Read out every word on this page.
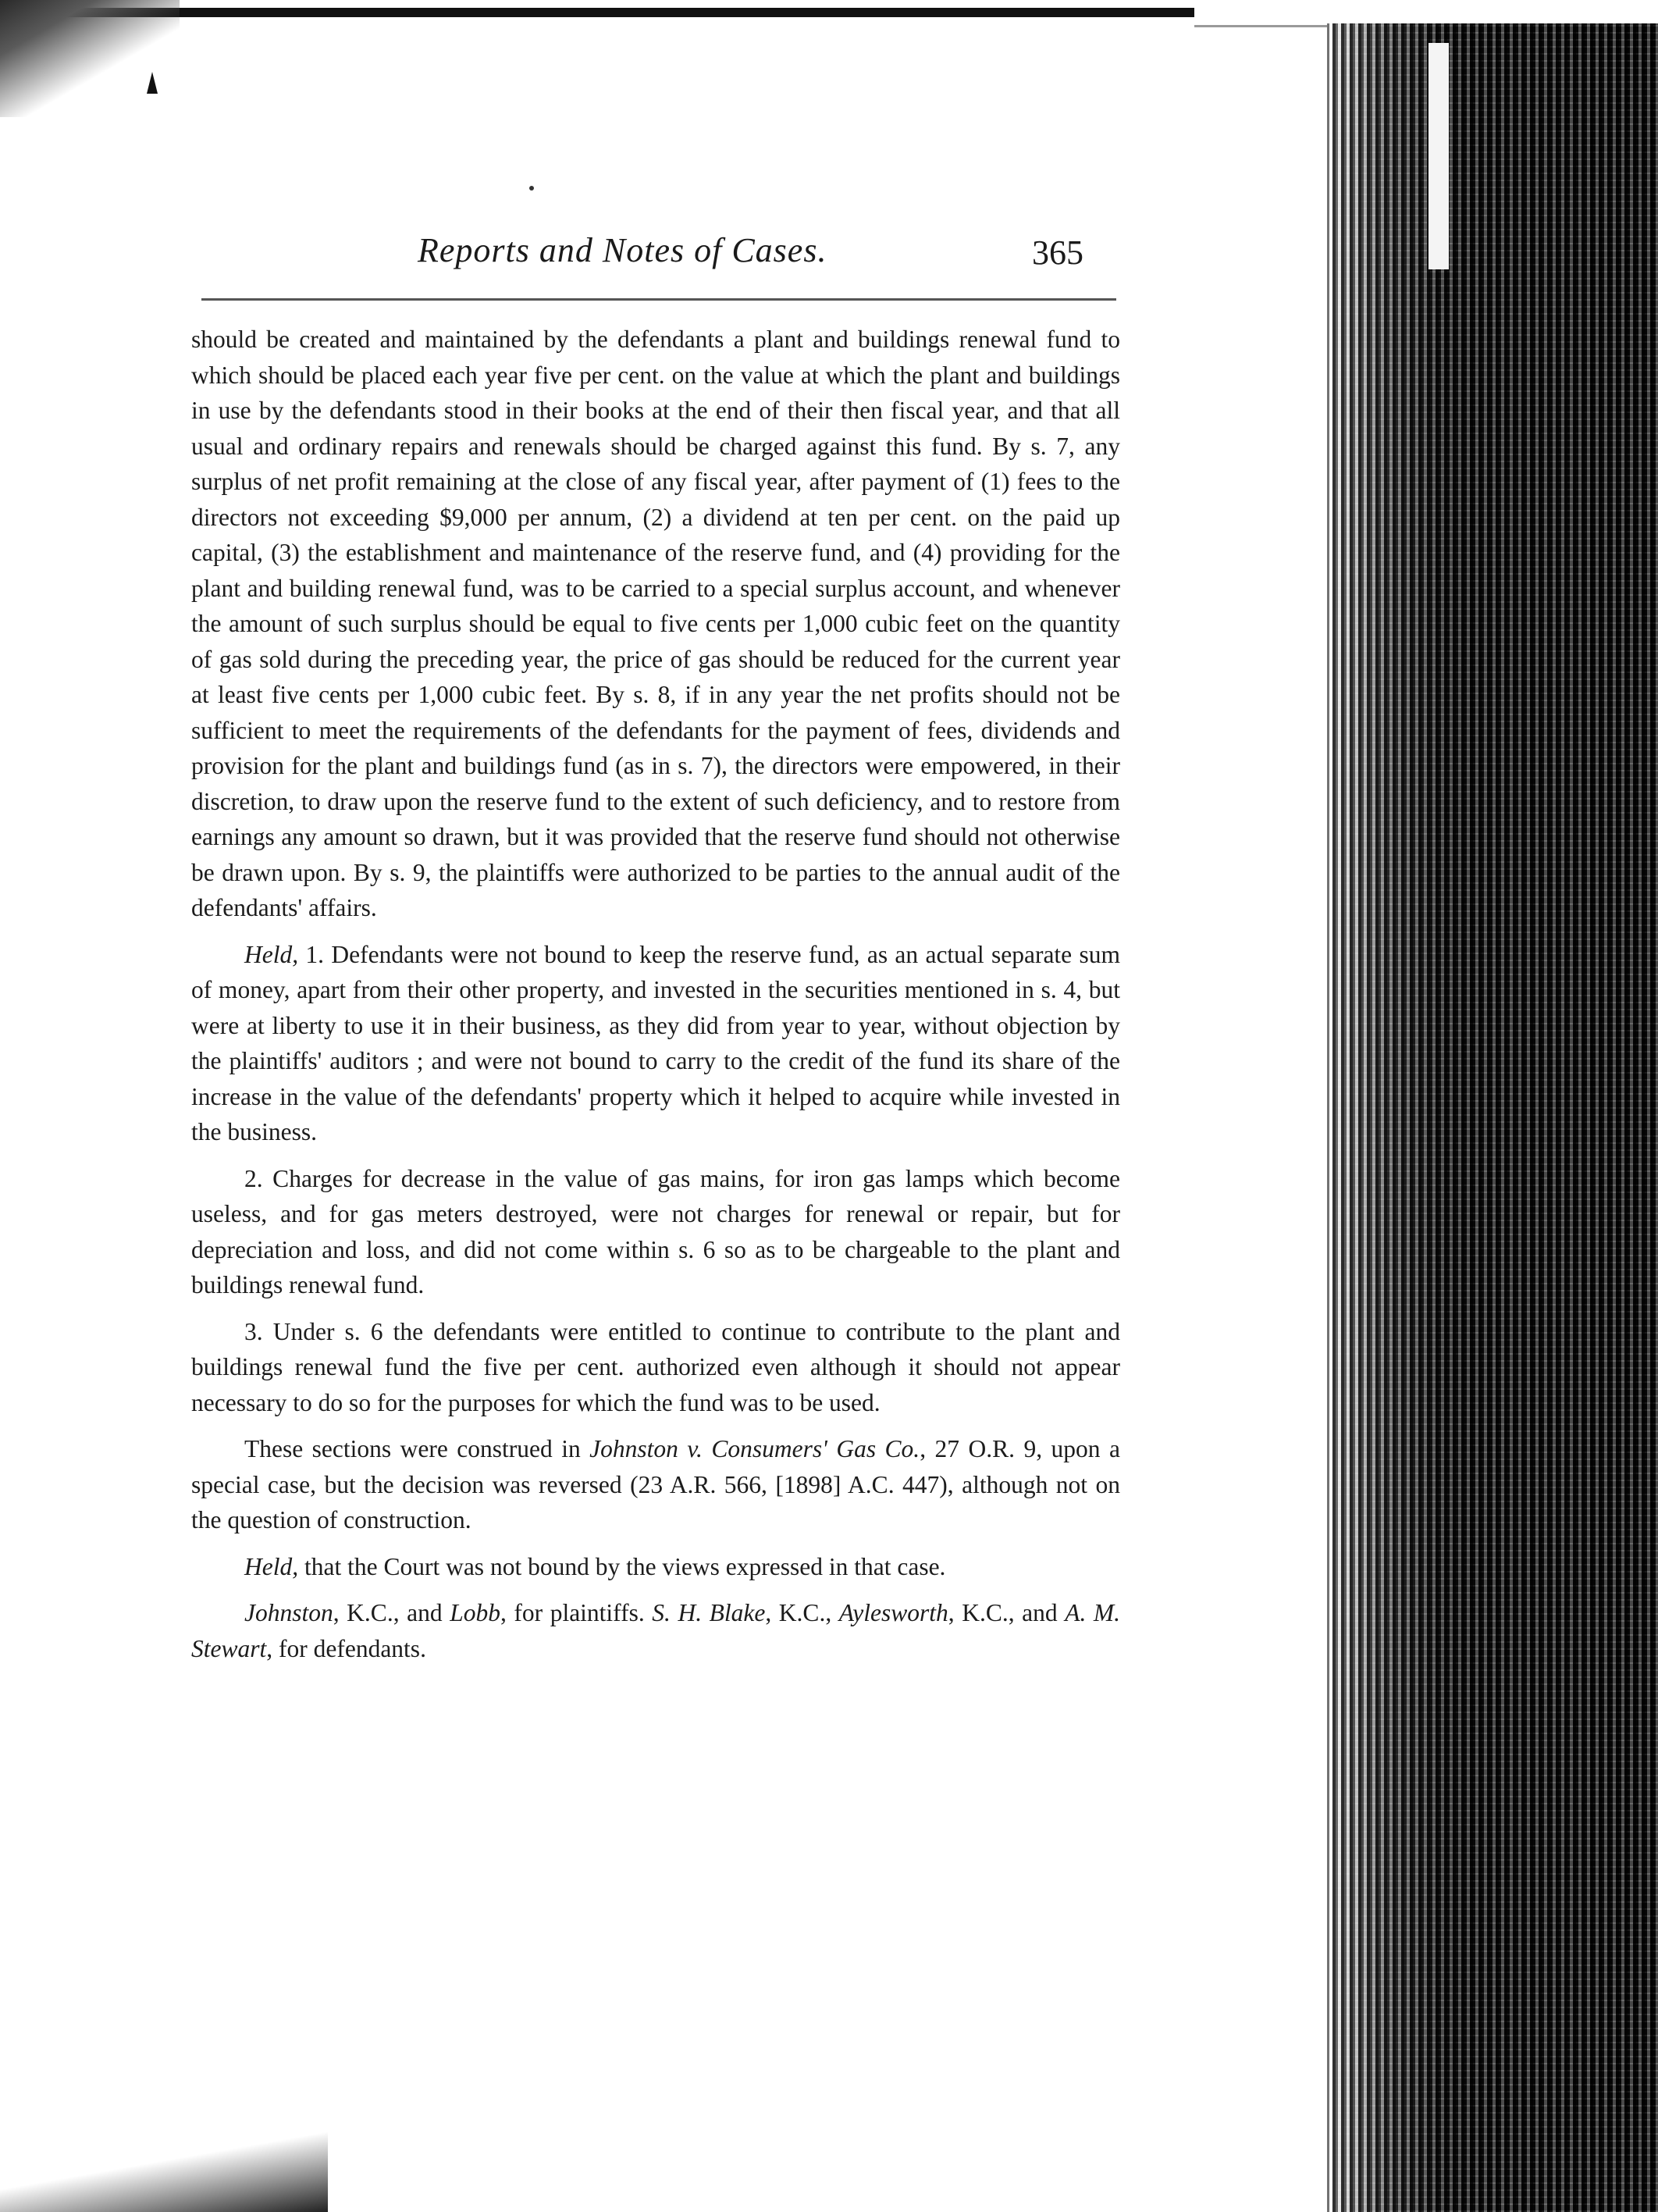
Reports and Notes of Cases.	365

should be created and maintained by the defendants a plant and buildings renewal fund to which should be placed each year five per cent. on the value at which the plant and buildings in use by the defendants stood in their books at the end of their then fiscal year, and that all usual and ordinary repairs and renewals should be charged against this fund. By s. 7, any surplus of net profit remaining at the close of any fiscal year, after payment of (1) fees to the directors not exceeding $9,000 per annum, (2) a dividend at ten per cent. on the paid up capital, (3) the establishment and maintenance of the reserve fund, and (4) providing for the plant and building renewal fund, was to be carried to a special surplus account, and whenever the amount of such surplus should be equal to five cents per 1,000 cubic feet on the quantity of gas sold during the preceding year, the price of gas should be reduced for the current year at least five cents per 1,000 cubic feet. By s. 8, if in any year the net profits should not be sufficient to meet the requirements of the defendants for the payment of fees, dividends and provision for the plant and buildings fund (as in s. 7), the directors were empowered, in their discretion, to draw upon the reserve fund to the extent of such deficiency, and to restore from earnings any amount so drawn, but it was provided that the reserve fund should not otherwise be drawn upon. By s. 9, the plaintiffs were authorized to be parties to the annual audit of the defendants' affairs.

Held, 1. Defendants were not bound to keep the reserve fund, as an actual separate sum of money, apart from their other property, and invested in the securities mentioned in s. 4, but were at liberty to use it in their business, as they did from year to year, without objection by the plaintiffs' auditors ; and were not bound to carry to the credit of the fund its share of the increase in the value of the defendants' property which it helped to acquire while invested in the business.

2. Charges for decrease in the value of gas mains, for iron gas lamps which become useless, and for gas meters destroyed, were not charges for renewal or repair, but for depreciation and loss, and did not come within s. 6 so as to be chargeable to the plant and buildings renewal fund.

3. Under s. 6 the defendants were entitled to continue to contribute to the plant and buildings renewal fund the five per cent. authorized even although it should not appear necessary to do so for the purposes for which the fund was to be used.

These sections were construed in Johnston v. Consumers' Gas Co., 27 O.R. 9, upon a special case, but the decision was reversed (23 A.R. 566, [1898] A.C. 447), although not on the question of construction.

Held, that the Court was not bound by the views expressed in that case.

Johnston, K.C., and Lobb, for plaintiffs. S. H. Blake, K.C., Aylesworth, K.C., and A. M. Stewart, for defendants.
